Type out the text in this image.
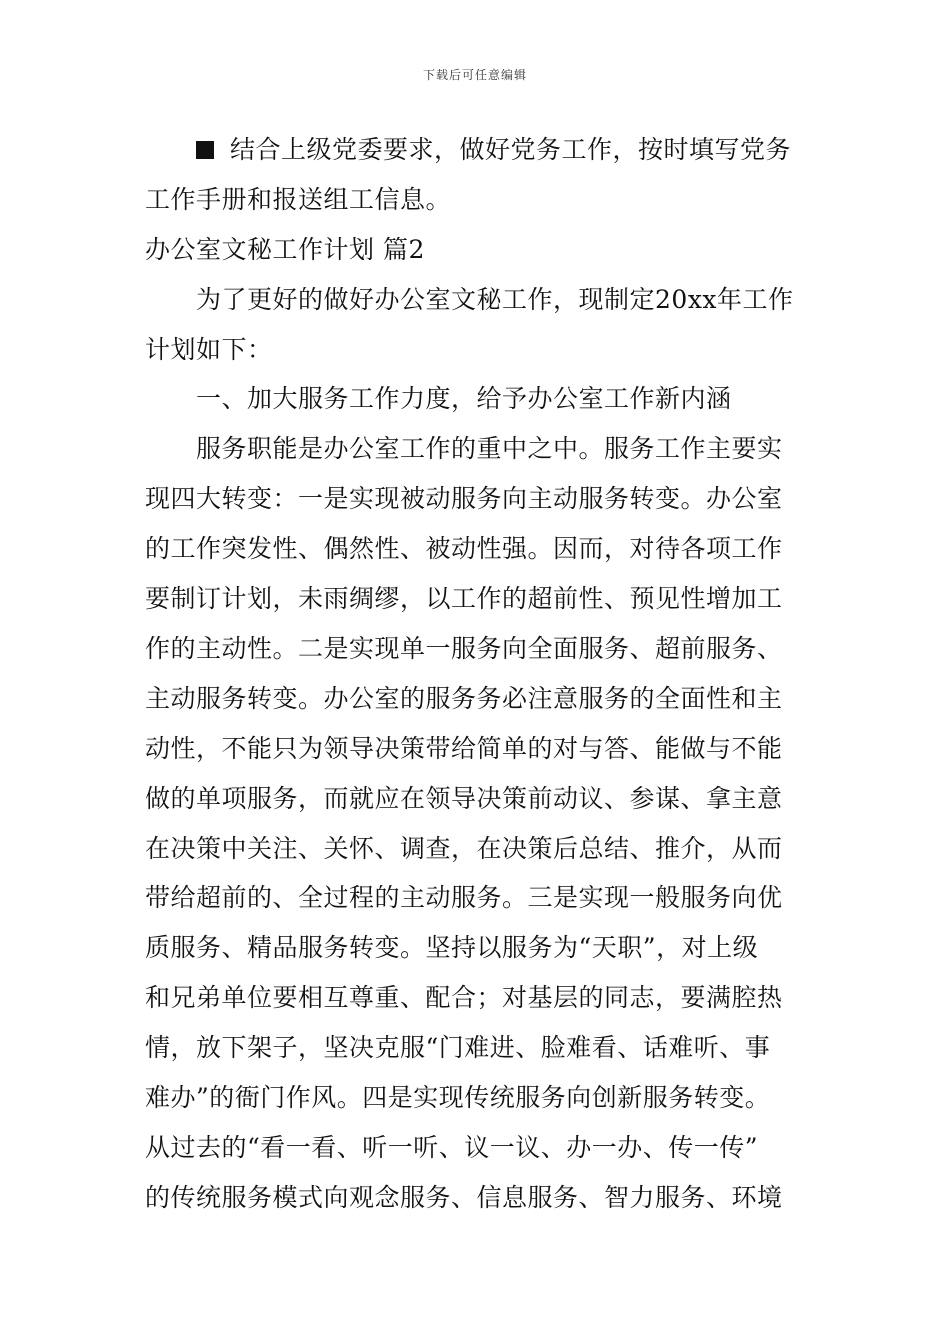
下载后可任意编辑
结合上级党委要求，做好党务工作，按时填写党务
工作手册和报送组工信息。
办公室文秘工作计划 篇2
为了更好的做好办公室文秘工作，现制定20xx年工作
计划如下：
一、加大服务工作力度，给予办公室工作新内涵
服务职能是办公室工作的重中之中。服务工作主要实
现四大转变：一是实现被动服务向主动服务转变。办公室
的工作突发性、偶然性、被动性强。因而，对待各项工作
要制订计划，未雨绸缪，以工作的超前性、预见性增加工
作的主动性。二是实现单一服务向全面服务、超前服务、
主动服务转变。办公室的服务务必注意服务的全面性和主
动性，不能只为领导决策带给简单的对与答、能做与不能
做的单项服务，而就应在领导决策前动议、参谋、拿主意
在决策中关注、关怀、调查，在决策后总结、推介，从而
带给超前的、全过程的主动服务。三是实现一般服务向优
质服务、精品服务转变。坚持以服务为“天职”，对上级
和兄弟单位要相互尊重、配合；对基层的同志，要满腔热
情，放下架子，坚决克服“门难进、脸难看、话难听、事
难办”的衙门作风。四是实现传统服务向创新服务转变。
从过去的“看一看、听一听、议一议、办一办、传一传”
的传统服务模式向观念服务、信息服务、智力服务、环境
